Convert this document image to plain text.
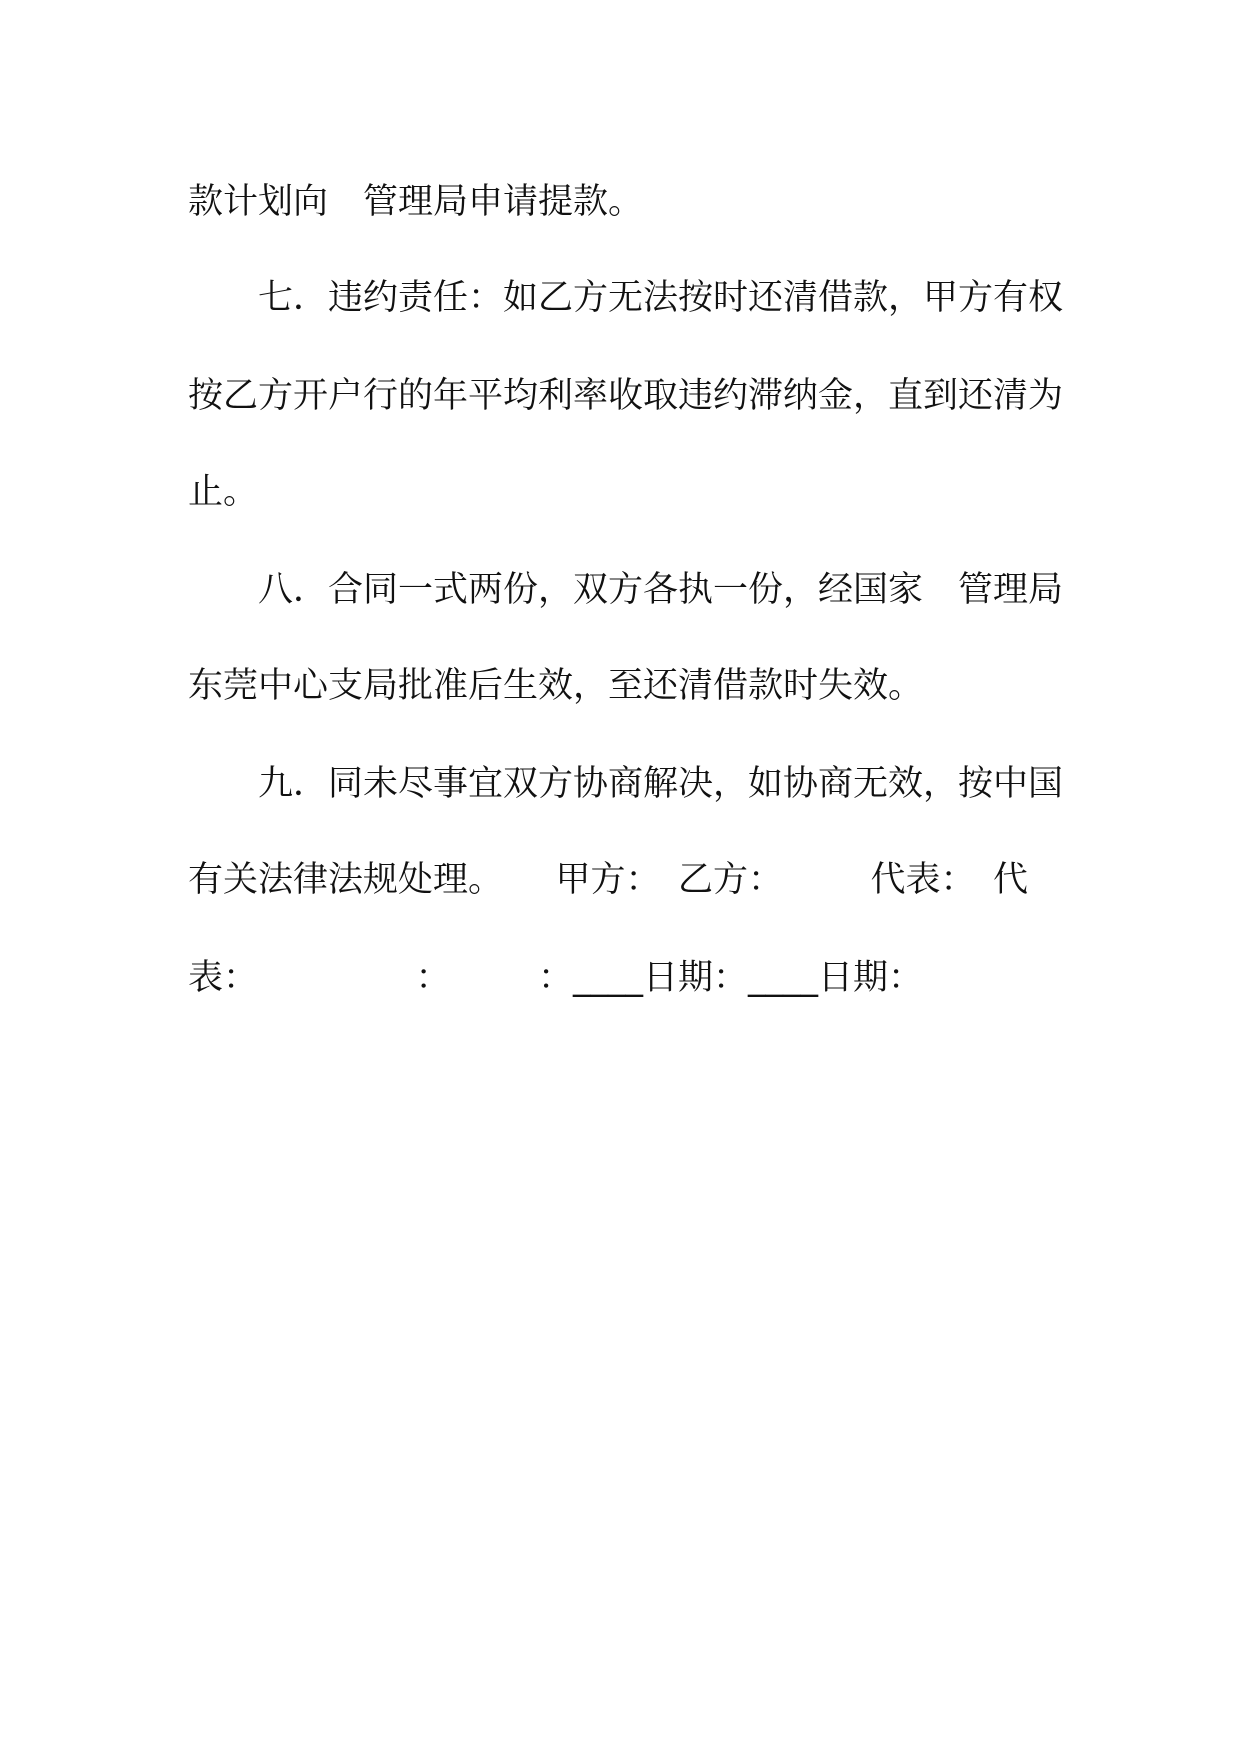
款计划向　管理局申请提款。
七．违约责任：如乙方无法按时还清借款，甲方有权
按乙方开户行的年平均利率收取违约滞纳金，直到还清为
止。
八．合同一式两份，双方各执一份，经国家　管理局
东莞中心支局批准后生效，至还清借款时失效。
九．同未尽事宜双方协商解决，如协商无效，按中国
有关法律法规处理。　　甲方：　乙方：　　　代表：　代
表：　　　　　：　　　：____日期：____日期：
